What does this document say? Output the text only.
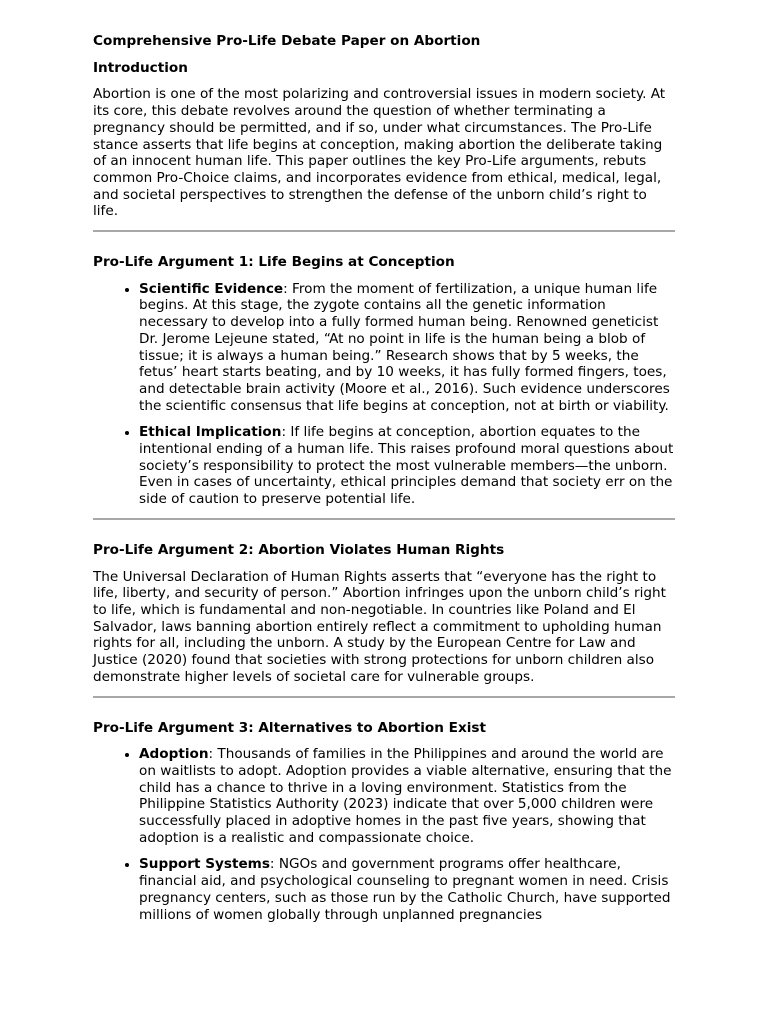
Comprehensive Pro-Life Debate Paper on Abortion
Introduction

Abortion is one of the most polarizing and controversial issues in modern society. At its core, this debate revolves around the question of whether terminating a pregnancy should be permitted, and if so, under what circumstances. The Pro-Life stance asserts that life begins at conception, making abortion the deliberate taking of an innocent human life. This paper outlines the key Pro-Life arguments, rebuts common Pro-Choice claims, and incorporates evidence from ethical, medical, legal, and societal perspectives to strengthen the defense of the unborn child’s right to life.

Pro-Life Argument 1: Life Begins at Conception
• Scientific Evidence: From the moment of fertilization, a unique human life begins. At this stage, the zygote contains all the genetic information necessary to develop into a fully formed human being. Renowned geneticist Dr. Jerome Lejeune stated, “At no point in life is the human being a blob of tissue; it is always a human being.” Research shows that by 5 weeks, the fetus’ heart starts beating, and by 10 weeks, it has fully formed fingers, toes, and detectable brain activity (Moore et al., 2016). Such evidence underscores the scientific consensus that life begins at conception, not at birth or viability.
• Ethical Implication: If life begins at conception, abortion equates to the intentional ending of a human life. This raises profound moral questions about society’s responsibility to protect the most vulnerable members—the unborn. Even in cases of uncertainty, ethical principles demand that society err on the side of caution to preserve potential life.
Pro-Life Argument 2: Abortion Violates Human Rights

The Universal Declaration of Human Rights asserts that “everyone has the right to life, liberty, and security of person.” Abortion infringes upon the unborn child’s right to life, which is fundamental and non-negotiable. In countries like Poland and El Salvador, laws banning abortion entirely reflect a commitment to upholding human rights for all, including the unborn. A study by the European Centre for Law and Justice (2020) found that societies with strong protections for unborn children also demonstrate higher levels of societal care for vulnerable groups.

Pro-Life Argument 3: Alternatives to Abortion Exist
• Adoption: Thousands of families in the Philippines and around the world are on waitlists to adopt. Adoption provides a viable alternative, ensuring that the child has a chance to thrive in a loving environment. Statistics from the Philippine Statistics Authority (2023) indicate that over 5,000 children were successfully placed in adoptive homes in the past five years, showing that adoption is a realistic and compassionate choice.
• Support Systems: NGOs and government programs offer healthcare, financial aid, and psychological counseling to pregnant women in need. Crisis pregnancy centers, such as those run by the Catholic Church, have supported millions of women globally through unplanned pregnancies
